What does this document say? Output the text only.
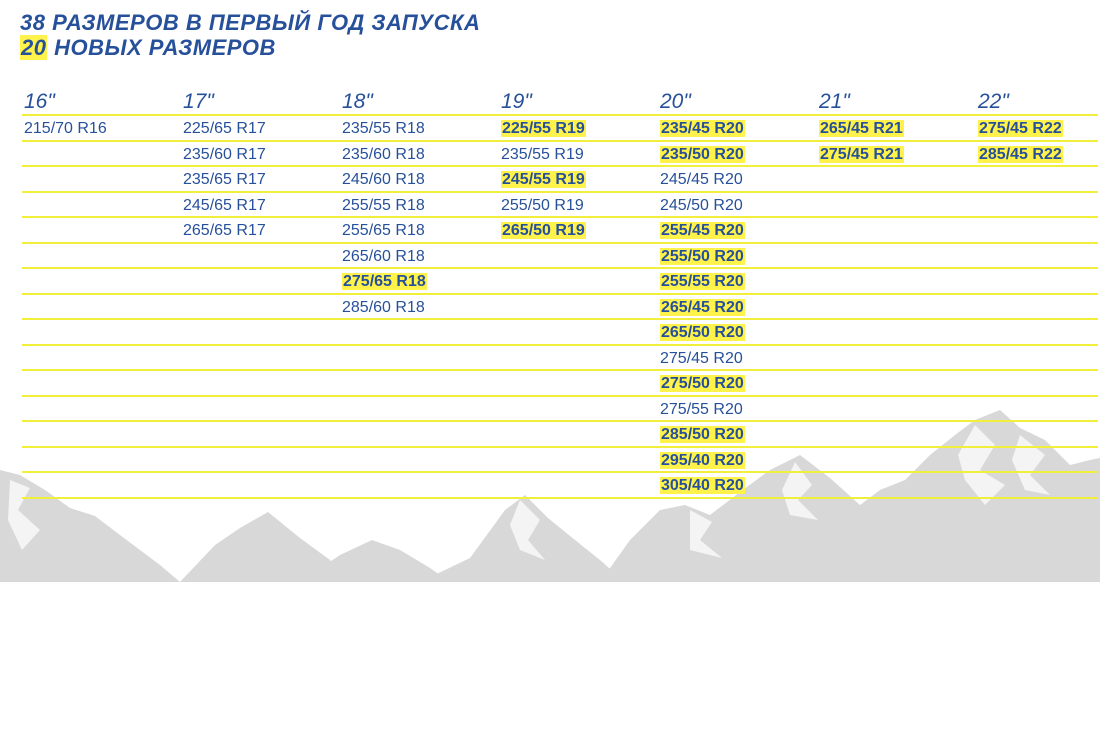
38 РАЗМЕРОВ В ПЕРВЫЙ ГОД ЗАПУСКА
20 НОВЫХ РАЗМЕРОВ
16"
215/70 R16
17"
225/65 R17
235/60 R17
235/65 R17
245/65 R17
265/65 R17
18"
235/55 R18
235/60 R18
245/60 R18
255/55 R18
255/65 R18
265/60 R18
275/65 R18
285/60 R18
19"
225/55 R19
235/55 R19
245/55 R19
255/50 R19
265/50 R19
20"
235/45 R20
235/50 R20
245/45 R20
245/50 R20
255/45 R20
255/50 R20
255/55 R20
265/45 R20
265/50 R20
275/45 R20
275/50 R20
275/55 R20
285/50 R20
295/40 R20
305/40 R20
21"
265/45 R21
275/45 R21
22"
275/45 R22
285/45 R22
